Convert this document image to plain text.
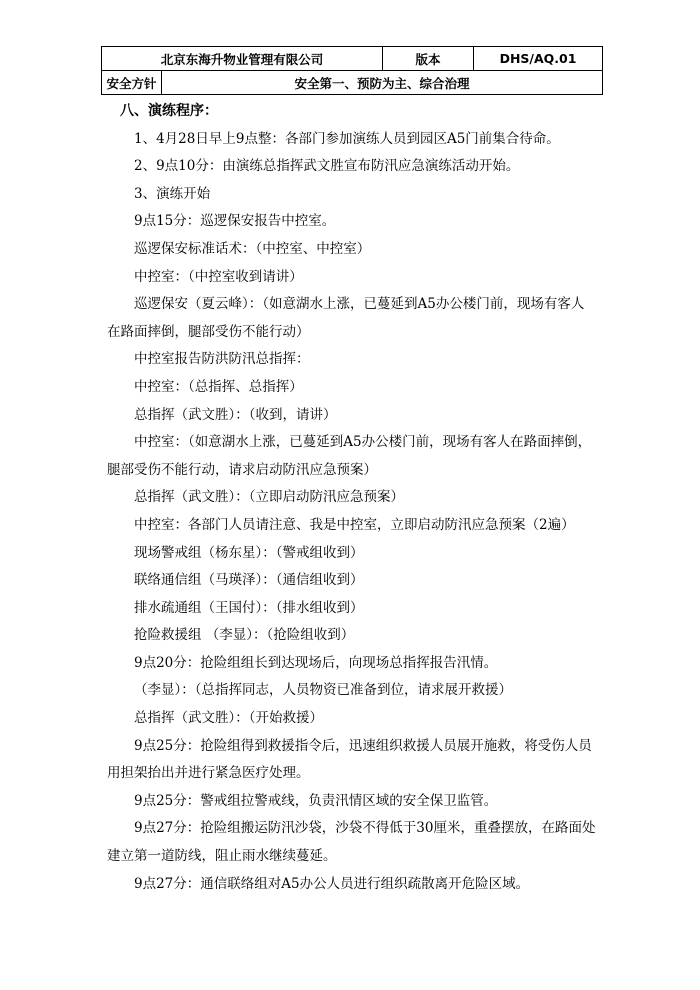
北京东海升物业管理有限公司		版本	DHS/AQ.01
安全方针	安全第一、预防为主、综合治理		

八、演练程序：

1、4月28日早上9点整：各部门参加演练人员到园区A5门前集合待命。

2、9点10分：由演练总指挥武文胜宣布防汛应急演练活动开始。

3、演练开始

9点15分：巡逻保安报告中控室。

巡逻保安标准话术：（中控室、中控室）

中控室：（中控室收到请讲）

巡逻保安（夏云峰）：（如意湖水上涨，已蔓延到A5办公楼门前，现场有客人在路面摔倒，腿部受伤不能行动）

中控室报告防洪防汛总指挥：

中控室：（总指挥、总指挥）

总指挥（武文胜）：（收到，请讲）

中控室：（如意湖水上涨，已蔓延到A5办公楼门前，现场有客人在路面摔倒，腿部受伤不能行动，请求启动防汛应急预案）

总指挥（武文胜）：（立即启动防汛应急预案）

中控室：各部门人员请注意、我是中控室，立即启动防汛应急预案（2遍）

现场警戒组（杨东星）：（警戒组收到）

联络通信组（马瑛泽）：（通信组收到）

排水疏通组（王国付）：（排水组收到）

抢险救援组 （李显）：（抢险组收到）

9点20分：抢险组组长到达现场后，向现场总指挥报告汛情。

（李显）：（总指挥同志，人员物资已准备到位，请求展开救援）

总指挥（武文胜）：（开始救援）

9点25分：抢险组得到救援指令后，迅速组织救援人员展开施救，将受伤人员用担架抬出并进行紧急医疗处理。

9点25分：警戒组拉警戒线，负责汛情区域的安全保卫监管。

9点27分：抢险组搬运防汛沙袋，沙袋不得低于30厘米，重叠摆放，在路面处建立第一道防线，阻止雨水继续蔓延。

9点27分：通信联络组对A5办公人员进行组织疏散离开危险区域。
